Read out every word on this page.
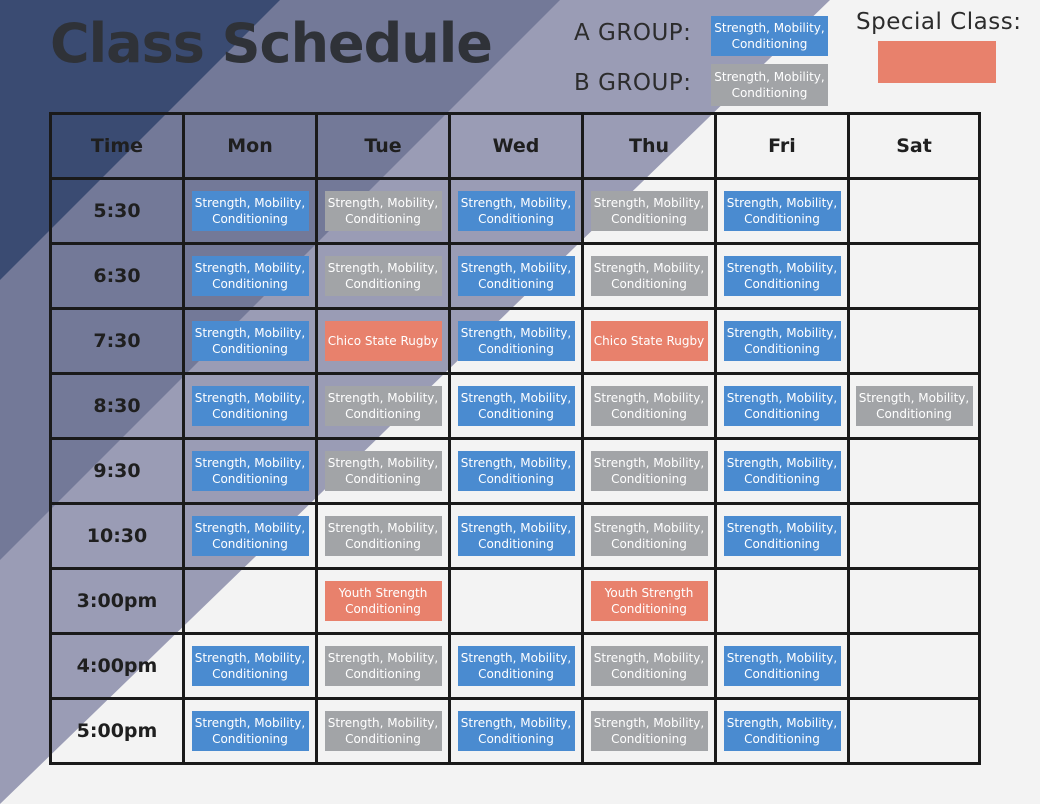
Class Schedule	A GROUP: Strength, Mobility, Conditioning
B GROUP: Strength, Mobility, Conditioning
Special Class:
Time	Mon	Tue	Wed	Thu	Fri	Sat
5:30	Strength, Mobility, Conditioning	Strength, Mobility, Conditioning	Strength, Mobility, Conditioning	Strength, Mobility, Conditioning	Strength, Mobility, Conditioning	

6:30	Strength, Mobility, Conditioning	Strength, Mobility, Conditioning	Strength, Mobility, Conditioning	Strength, Mobility, Conditioning	Strength, Mobility, Conditioning	

7:30	Strength, Mobility, Conditioning	Chico State Rugby	Strength, Mobility, Conditioning	Chico State Rugby	Strength, Mobility, Conditioning	

8:30	Strength, Mobility, Conditioning	Strength, Mobility, Conditioning	Strength, Mobility, Conditioning	Strength, Mobility, Conditioning	Strength, Mobility, Conditioning	Strength, Mobility, Conditioning

9:30	Strength, Mobility, Conditioning	Strength, Mobility, Conditioning	Strength, Mobility, Conditioning	Strength, Mobility, Conditioning	Strength, Mobility, Conditioning	

10:30	Strength, Mobility, Conditioning	Strength, Mobility, Conditioning	Strength, Mobility, Conditioning	Strength, Mobility, Conditioning	Strength, Mobility, Conditioning	

3:00pm		Youth Strength Conditioning		Youth Strength Conditioning		

4:00pm	Strength, Mobility, Conditioning	Strength, Mobility, Conditioning	Strength, Mobility, Conditioning	Strength, Mobility, Conditioning	Strength, Mobility, Conditioning	

5:00pm	Strength, Mobility, Conditioning	Strength, Mobility, Conditioning	Strength, Mobility, Conditioning	Strength, Mobility, Conditioning	Strength, Mobility, Conditioning	
